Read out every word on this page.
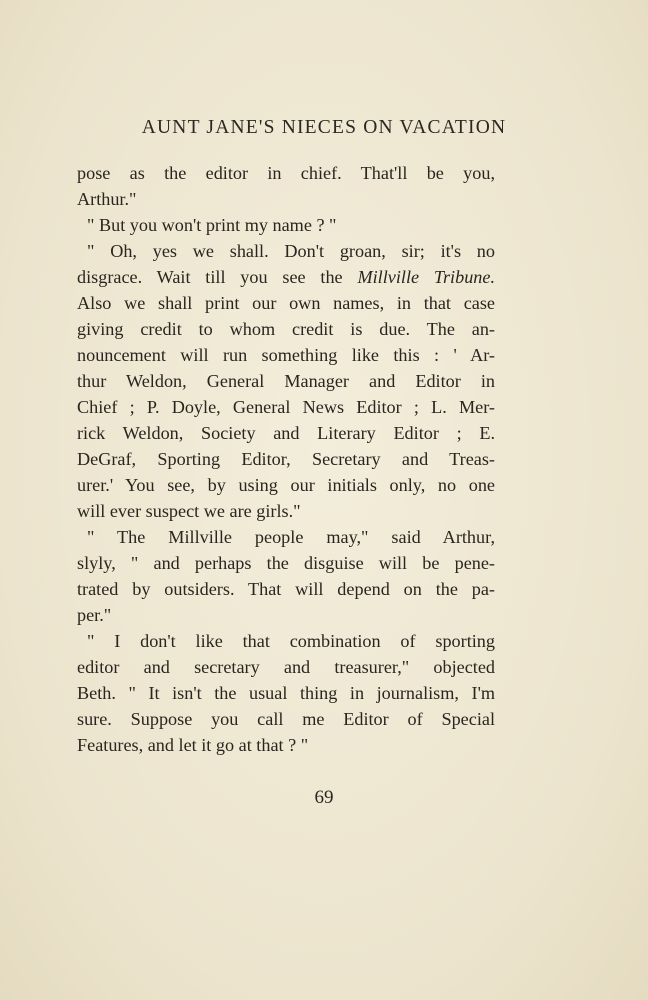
AUNT JANE'S NIECES ON VACATION
pose as the editor in chief. That'll be you,
Arthur."
" But you won't print my name ? "
" Oh, yes we shall. Don't groan, sir; it's no
disgrace. Wait till you see the Millville Tribune.
Also we shall print our own names, in that case
giving credit to whom credit is due. The an-
nouncement will run something like this : ' Ar-
thur Weldon, General Manager and Editor in
Chief ; P. Doyle, General News Editor ; L. Mer-
rick Weldon, Society and Literary Editor ; E.
DeGraf, Sporting Editor, Secretary and Treas-
urer.' You see, by using our initials only, no one
will ever suspect we are girls."
" The Millville people may," said Arthur,
slyly, " and perhaps the disguise will be pene-
trated by outsiders. That will depend on the pa-
per."
" I don't like that combination of sporting
editor and secretary and treasurer," objected
Beth. " It isn't the usual thing in journalism, I'm
sure. Suppose you call me Editor of Special
Features, and let it go at that ? "
69
